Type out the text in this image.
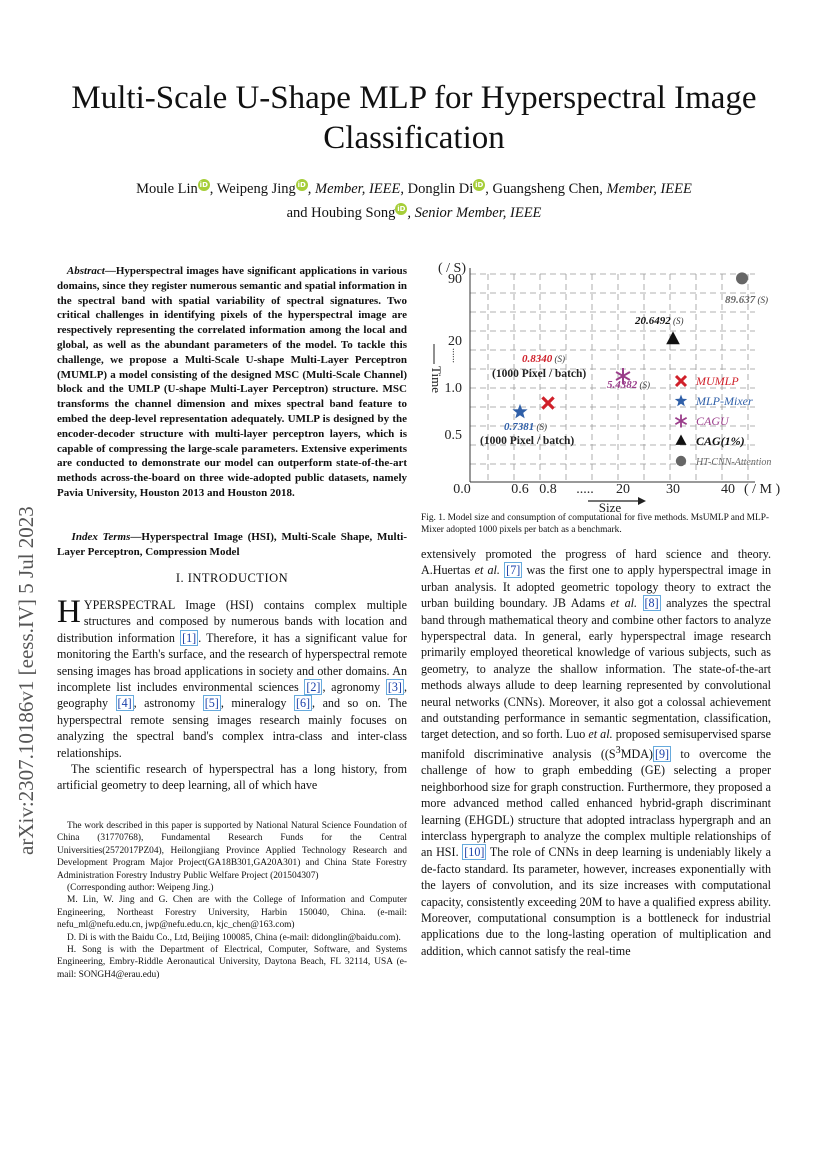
Multi-Scale U-Shape MLP for Hyperspectral Image Classification
Moule Lin iD , Weipeng Jing iD , Member, IEEE, Donglin Di iD , Guangsheng Chen, Member, IEEE
and Houbing Song iD , Senior Member, IEEE
arXiv:2307.10186v1 [eess.IV] 5 Jul 2023

Abstract—Hyperspectral images have significant applications in various domains, since they register numerous semantic and spatial information in the spectral band with spatial variability of spectral signatures. Two critical challenges in identifying pixels of the hyperspectral image are respectively representing the correlated information among the local and global, as well as the abundant parameters of the model. To tackle this challenge, we propose a Multi-Scale U-shape Multi-Layer Perceptron (MUMLP) a model consisting of the designed MSC (Multi-Scale Channel) block and the UMLP (U-shape Multi-Layer Perceptron) structure. MSC transforms the channel dimension and mixes spectral band feature to embed the deep-level representation adequately. UMLP is designed by the encoder-decoder structure with multi-layer perceptron layers, which is capable of compressing the large-scale parameters. Extensive experiments are conducted to demonstrate our model can outperform state-of-the-art methods across-the-board on three wide-adopted public datasets, namely Pavia University, Houston 2013 and Houston 2018.

Index Terms—Hyperspectral Image (HSI), Multi-Scale Shape, Multi-Layer Perceptron, Compression Model

I. INTRODUCTION

HYPERSPECTRAL Image (HSI) contains complex multiple structures and composed by numerous bands with location and distribution information [1] . Therefore, it has a significant value for monitoring the Earth's surface, and the research of hyperspectral remote sensing images has broad applications in society and other domains. An incomplete list includes environmental sciences [2] , agronomy [3] , geography [4] , astronomy [5] , mineralogy [6] , and so on. The hyperspectral remote sensing images research mainly focuses on analyzing the spectral band's complex intra-class and inter-class relationships.

The scientific research of hyperspectral has a long history, from artificial geometry to deep learning, all of which have

The work described in this paper is supported by National Natural Science Foundation of China (31770768), Fundamental Research Funds for the Central Universities(2572017PZ04), Heilongjiang Province Applied Technology Research and Development Program Major Project(GA18B301,GA20A301) and China State Forestry Administration Forestry Industry Public Welfare Project (201504307)

(Corresponding author: Weipeng Jing.)

M. Lin, W. Jing and G. Chen are with the College of Information and Computer Engineering, Northeast Forestry University, Harbin 150040, China. (e-mail: nefu_ml@nefu.edu.cn, jwp@nefu.edu.cn, kjc_chen@163.com)

D. Di is with the Baidu Co., Ltd, Beijing 100085, China (e-mail: didonglin@baidu.com).

H. Song is with the Department of Electrical, Computer, Software, and Systems Engineering, Embry-Riddle Aeronautical University, Daytona Beach, FL 32114, USA (e-mail: SONGH4@erau.edu)

( / S)
0.5
1.0
......
20
90
Time
0.0	0.6 0.8 ..... 20	30	40 ( / M )
Size
0.8340 (S)
(1000 Pixel / batch)
0.7381 (S)
(1000 Pixel / batch)
5.4382 (S)
20.6492 (S)
89.637 (S)
MUMLP
MLP-Mixer
CAGU
CAG(1%)
HT-CNN-Attention
Fig. 1. Model size and consumption of computational for five methods. MsUMLP and MLP-Mixer adopted 1000 pixels per batch as a benchmark.

extensively promoted the progress of hard science and theory. A.Huertas et al. [7] was the first one to apply hyperspectral image in urban analysis. It adopted geometric topology theory to extract the urban building boundary. JB Adams et al. [8] analyzes the spectral band through mathematical theory and combine other factors to analyze hyperspectral data. In general, early hyperspectral image research primarily employed theoretical knowledge of various subjects, such as geometry, to analyze the shallow information. The state-of-the-art methods always allude to deep learning represented by convolutional neural networks (CNNs). Moreover, it also got a colossal achievement and outstanding performance in semantic segmentation, classification, target detection, and so forth. Luo et al. proposed semisupervised sparse manifold discriminative analysis ($(S^3MDA)$ [9] to overcome the challenge of how to graph embedding (GE) selecting a proper neighborhood size for graph construction. Furthermore, they proposed a more advanced method called enhanced hybrid-graph discriminant learning (EHGDL) structure that adopted intraclass hypergraph and an interclass hypergraph to analyze the complex multiple relationships of an HSI. [10] The role of CNNs in deep learning is undeniably likely a de-facto standard. Its parameter, however, increases exponentially with the layers of convolution, and its size increases with computational capacity, consistently exceeding 20M to have a qualified express ability. Moreover, computational consumption is a bottleneck for industrial applications due to the long-lasting operation of multiplication and addition, which cannot satisfy the real-time
